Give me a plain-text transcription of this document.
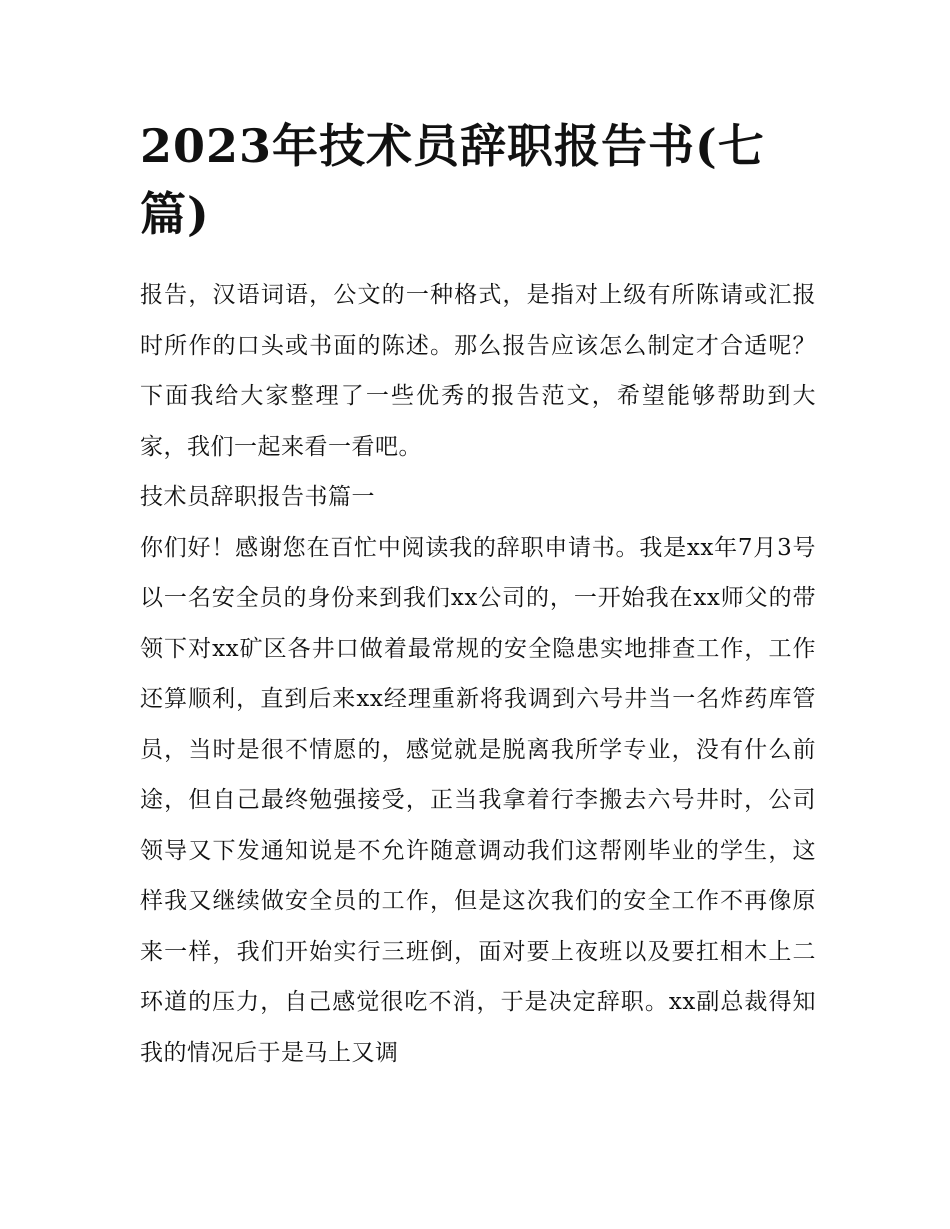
2023年技术员辞职报告书(七篇)

报告，汉语词语，公文的一种格式，是指对上级有所陈请或汇报时所作的口头或书面的陈述。那么报告应该怎么制定才合适呢？下面我给大家整理了一些优秀的报告范文，希望能够帮助到大家，我们一起来看一看吧。

技术员辞职报告书篇一

你们好！感谢您在百忙中阅读我的辞职申请书。我是xx年7月3号以一名安全员的身份来到我们xx公司的，一开始我在xx师父的带领下对xx矿区各井口做着最常规的安全隐患实地排查工作，工作还算顺利，直到后来xx经理重新将我调到六号井当一名炸药库管员，当时是很不情愿的，感觉就是脱离我所学专业，没有什么前途，但自己最终勉强接受，正当我拿着行李搬去六号井时，公司领导又下发通知说是不允许随意调动我们这帮刚毕业的学生，这样我又继续做安全员的工作，但是这次我们的安全工作不再像原来一样，我们开始实行三班倒，面对要上夜班以及要扛相木上二环道的压力，自己感觉很吃不消，于是决定辞职。xx副总裁得知我的情况后于是马上又调
